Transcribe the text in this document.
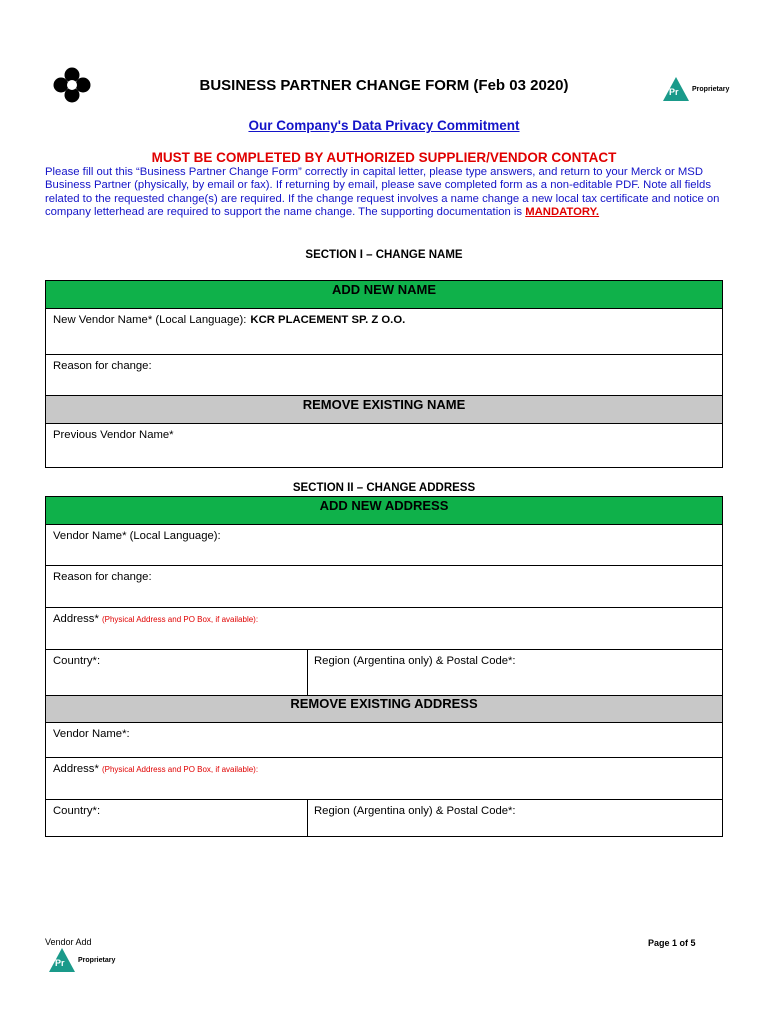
BUSINESS PARTNER CHANGE FORM (Feb 03 2020)	Pr Proprietary
Our Company's Data Privacy Commitment
MUST BE COMPLETED BY AUTHORIZED SUPPLIER/VENDOR CONTACT
Please fill out this “Business Partner Change Form” correctly in capital letter, please type answers, and return to your Merck or MSD Business Partner (physically, by email or fax). If returning by email, please save completed form as a non-editable PDF. Note all fields related to the requested change(s) are required. If the change request involves a name change a new local tax certificate and notice on company letterhead are required to support the name change. The supporting documentation is MANDATORY.
SECTION I – CHANGE NAME
ADD NEW NAME
New Vendor Name* (Local Language): KCR PLACEMENT SP. Z O.O.
Reason for change:
REMOVE EXISTING NAME
Previous Vendor Name*
SECTION II – CHANGE ADDRESS
ADD NEW ADDRESS
Vendor Name* (Local Language):
Reason for change:
Address* (Physical Address and PO Box, if available):
Country*:	Region (Argentina only) & Postal Code*:
REMOVE EXISTING ADDRESS
Vendor Name*:
Address* (Physical Address and PO Box, if available):
Country*:	Region (Argentina only) & Postal Code*:
Vendor Add	Page 1 of 5
Pr Proprietary
